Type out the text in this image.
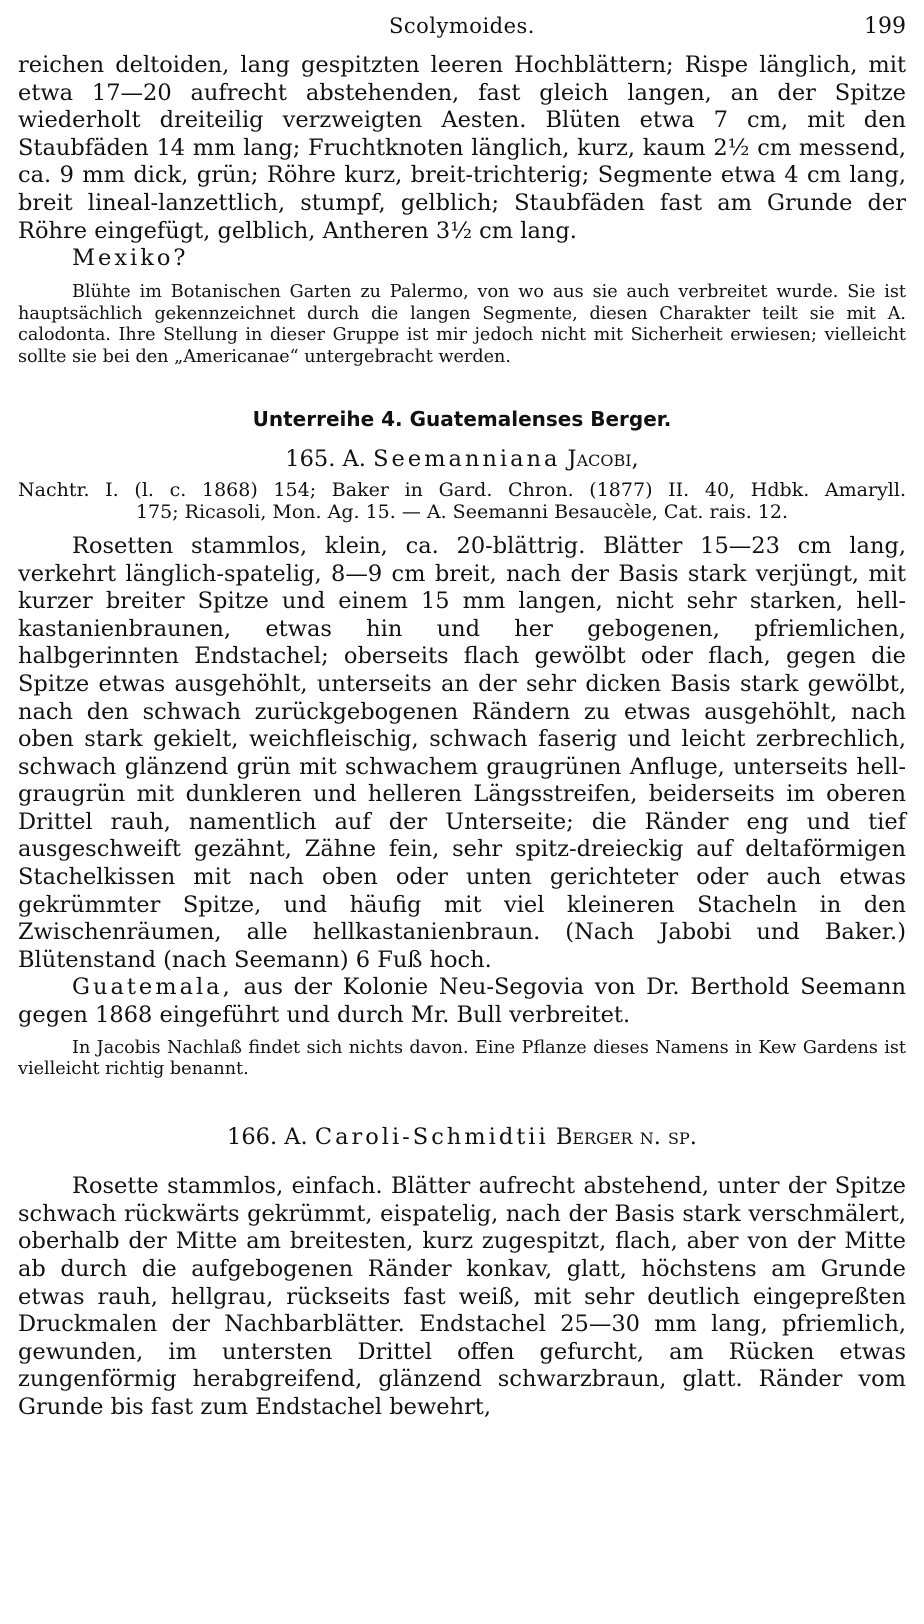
Scolymoides.	199

reichen deltoiden, lang gespitzten leeren Hochblättern; Rispe länglich, mit etwa 17—20 aufrecht abstehenden, fast gleich langen, an der Spitze wiederholt dreiteilig verzweigten Aesten. Blüten etwa 7 cm, mit den Staubfäden 14 mm lang; Fruchtknoten länglich, kurz, kaum 2½ cm messend, ca. 9 mm dick, grün; Röhre kurz, breit-trichterig; Segmente etwa 4 cm lang, breit lineal-lanzettlich, stumpf, gelblich; Staubfäden fast am Grunde der Röhre eingefügt, gelblich, Antheren 3½ cm lang.

Mexiko?

Blühte im Botanischen Garten zu Palermo, von wo aus sie auch verbreitet wurde. Sie ist hauptsächlich gekennzeichnet durch die langen Segmente, diesen Charakter teilt sie mit A. calodonta. Ihre Stellung in dieser Gruppe ist mir jedoch nicht mit Sicherheit erwiesen; vielleicht sollte sie bei den „Americanae“ untergebracht werden.

Unterreihe 4. Guatemalenses Berger.
165. A. Seemanniana Jacobi,
Nachtr. I. (l. c. 1868) 154; Baker in Gard. Chron. (1877) II. 40, Hdbk. Amaryll.
175; Ricasoli, Mon. Ag. 15. — A. Seemanni Besaucèle, Cat. rais. 12.

Rosetten stammlos, klein, ca. 20-blättrig. Blätter 15—23 cm lang, verkehrt länglich-spatelig, 8—9 cm breit, nach der Basis stark verjüngt, mit kurzer breiter Spitze und einem 15 mm langen, nicht sehr starken, hell-kastanienbraunen, etwas hin und her gebogenen, pfriemlichen, halbgerinnten Endstachel; oberseits flach gewölbt oder flach, gegen die Spitze etwas ausgehöhlt, unterseits an der sehr dicken Basis stark gewölbt, nach den schwach zurückgebogenen Rändern zu etwas ausgehöhlt, nach oben stark gekielt, weichfleischig, schwach faserig und leicht zerbrechlich, schwach glänzend grün mit schwachem graugrünen Anfluge, unterseits hell-graugrün mit dunkleren und helleren Längsstreifen, beiderseits im oberen Drittel rauh, namentlich auf der Unterseite; die Ränder eng und tief ausgeschweift gezähnt, Zähne fein, sehr spitz-dreieckig auf deltaförmigen Stachelkissen mit nach oben oder unten gerichteter oder auch etwas gekrümmter Spitze, und häufig mit viel kleineren Stacheln in den Zwischenräumen, alle hellkastanienbraun. (Nach Jabobi und Baker.) Blütenstand (nach Seemann) 6 Fuß hoch.

Guatemala, aus der Kolonie Neu-Segovia von Dr. Berthold Seemann gegen 1868 eingeführt und durch Mr. Bull verbreitet.

In Jacobis Nachlaß findet sich nichts davon. Eine Pflanze dieses Namens in Kew Gardens ist vielleicht richtig benannt.

166. A. Caroli-Schmidtii Berger n. sp.

Rosette stammlos, einfach. Blätter aufrecht abstehend, unter der Spitze schwach rückwärts gekrümmt, eispatelig, nach der Basis stark verschmälert, oberhalb der Mitte am breitesten, kurz zugespitzt, flach, aber von der Mitte ab durch die aufgebogenen Ränder konkav, glatt, höchstens am Grunde etwas rauh, hellgrau, rückseits fast weiß, mit sehr deutlich eingepreßten Druckmalen der Nachbarblätter. Endstachel 25—30 mm lang, pfriemlich, gewunden, im untersten Drittel offen gefurcht, am Rücken etwas zungenförmig herabgreifend, glänzend schwarzbraun, glatt. Ränder vom Grunde bis fast zum Endstachel bewehrt,
